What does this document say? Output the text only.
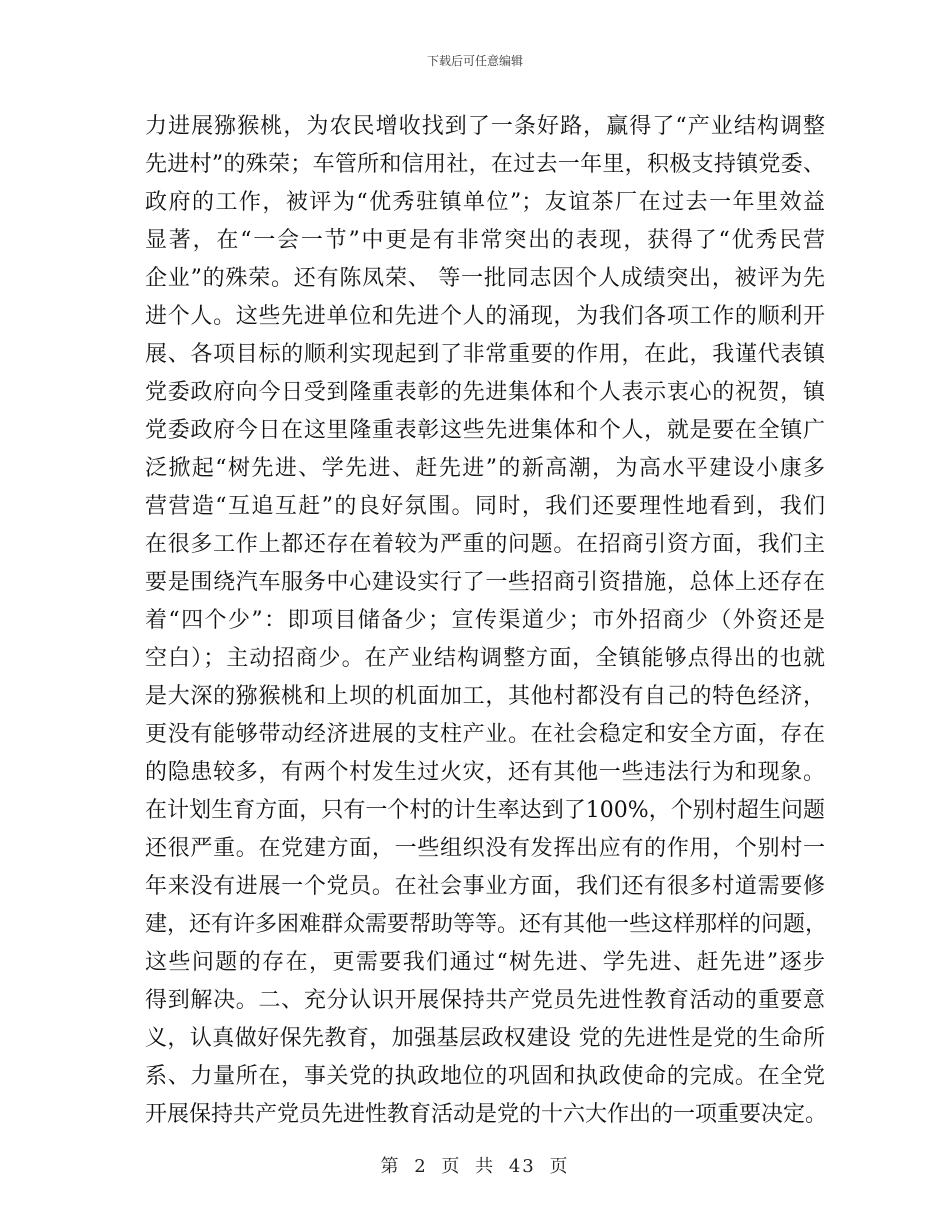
下载后可任意编辑
力进展猕猴桃，为农民增收找到了一条好路，赢得了“产业结构调整
先进村”的殊荣；车管所和信用社，在过去一年里，积极支持镇党委、
政府的工作，被评为“优秀驻镇单位”；友谊茶厂在过去一年里效益
显著，在“一会一节”中更是有非常突出的表现，获得了“优秀民营
企业”的殊荣。还有陈凤荣、 等一批同志因个人成绩突出，被评为先
进个人。这些先进单位和先进个人的涌现，为我们各项工作的顺利开
展、各项目标的顺利实现起到了非常重要的作用，在此，我谨代表镇
党委政府向今日受到隆重表彰的先进集体和个人表示衷心的祝贺，镇
党委政府今日在这里隆重表彰这些先进集体和个人，就是要在全镇广
泛掀起“树先进、学先进、赶先进”的新高潮，为高水平建设小康多
营营造“互追互赶”的良好氛围。同时，我们还要理性地看到，我们
在很多工作上都还存在着较为严重的问题。在招商引资方面，我们主
要是围绕汽车服务中心建设实行了一些招商引资措施，总体上还存在
着“四个少”：即项目储备少；宣传渠道少；市外招商少（外资还是
空白）；主动招商少。在产业结构调整方面，全镇能够点得出的也就
是大深的猕猴桃和上坝的机面加工，其他村都没有自己的特色经济，
更没有能够带动经济进展的支柱产业。在社会稳定和安全方面，存在
的隐患较多，有两个村发生过火灾，还有其他一些违法行为和现象。
在计划生育方面，只有一个村的计生率达到了100%，个别村超生问题
还很严重。在党建方面，一些组织没有发挥出应有的作用，个别村一
年来没有进展一个党员。在社会事业方面，我们还有很多村道需要修
建，还有许多困难群众需要帮助等等。还有其他一些这样那样的问题，
这些问题的存在，更需要我们通过“树先进、学先进、赶先进”逐步
得到解决。二、充分认识开展保持共产党员先进性教育活动的重要意
义，认真做好保先教育，加强基层政权建设 党的先进性是党的生命所
系、力量所在，事关党的执政地位的巩固和执政使命的完成。在全党
开展保持共产党员先进性教育活动是党的十六大作出的一项重要决定。
第 2 页 共 43 页
